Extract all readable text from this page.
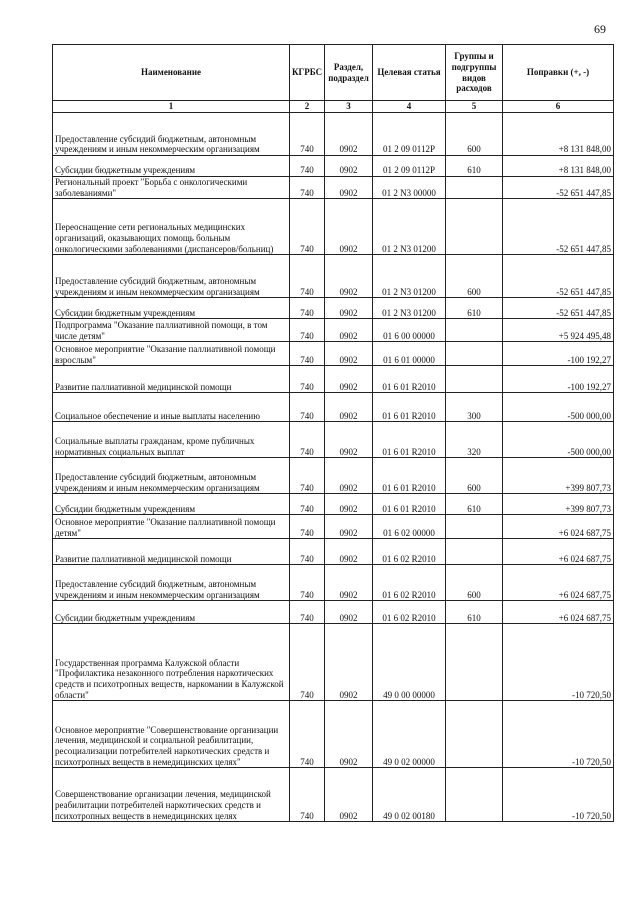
69
Наименование	КГРБС	Раздел, подраздел	Целевая статья	Группы и подгруппы видов расходов	Поправки (+, -)
1	2	3	4	5	6
Предоставление субсидий бюджетным, автономным учреждениям и иным некоммерческим организациям	740	0902	01 2 09 0112P	600	+8 131 848,00
Субсидии бюджетным учреждениям	740	0902	01 2 09 0112P	610	+8 131 848,00
Региональный проект "Борьба с онкологическими заболеваниями"	740	0902	01 2 N3 00000		-52 651 447,85
Переоснащение сети региональных медицинских организаций, оказывающих помощь больным онкологическими заболеваниями (диспансеров/больниц)	740	0902	01 2 N3 01200		-52 651 447,85
Предоставление субсидий бюджетным, автономным учреждениям и иным некоммерческим организациям	740	0902	01 2 N3 01200	600	-52 651 447,85
Субсидии бюджетным учреждениям	740	0902	01 2 N3 01200	610	-52 651 447,85
Подпрограмма "Оказание паллиативной помощи, в том числе детям"	740	0902	01 6 00 00000		+5 924 495,48
Основное мероприятие "Оказание паллиативной помощи взрослым"	740	0902	01 6 01 00000		-100 192,27
Развитие паллиативной медицинской помощи	740	0902	01 6 01 R2010		-100 192,27
Социальное обеспечение и иные выплаты населению	740	0902	01 6 01 R2010	300	-500 000,00
Социальные выплаты гражданам, кроме публичных нормативных социальных выплат	740	0902	01 6 01 R2010	320	-500 000,00
Предоставление субсидий бюджетным, автономным учреждениям и иным некоммерческим организациям	740	0902	01 6 01 R2010	600	+399 807,73
Субсидии бюджетным учреждениям	740	0902	01 6 01 R2010	610	+399 807,73
Основное мероприятие "Оказание паллиативной помощи детям"	740	0902	01 6 02 00000		+6 024 687,75
Развитие паллиативной медицинской помощи	740	0902	01 6 02 R2010		+6 024 687,75
Предоставление субсидий бюджетным, автономным учреждениям и иным некоммерческим организациям	740	0902	01 6 02 R2010	600	+6 024 687,75
Субсидии бюджетным учреждениям	740	0902	01 6 02 R2010	610	+6 024 687,75
Государственная программа Калужской области "Профилактика незаконного потребления наркотических средств и психотропных веществ, наркомании в Калужской области"	740	0902	49 0 00 00000		-10 720,50
Основное мероприятие "Совершенствование организации лечения, медицинской и социальной реабилитации, ресоциализации потребителей наркотических средств и психотропных веществ в немедицинских целях"	740	0902	49 0 02 00000		-10 720,50
Совершенствование организации лечения, медицинской реабилитации потребителей наркотических средств и психотропных веществ в немедицинских целях	740	0902	49 0 02 00180		-10 720,50
